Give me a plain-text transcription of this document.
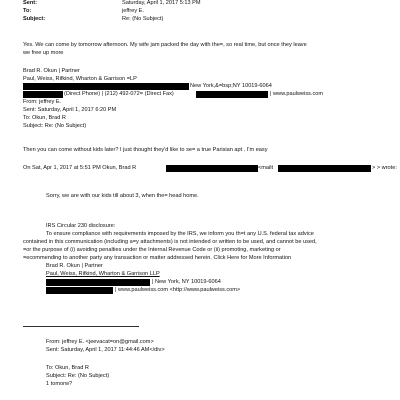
Sent:	Saturday, April 1, 2017 5:13 PM
To:	jeffrey E.
Subject:	Re: (No Subject)
Yes. We can come by tomorrow afternoon. My wife jam packed the day with the=, so real time, but once they leave
we free up more
Brad R. Okun | Partner
Paul, Weiss, Rifkind, Wharton & Garrison =LP
New York,&=bsp;NY 10019-6064
(Direct Phone) | (212) 492-072= (Direct Fax)	| www.paulweiss.com
From: jeffrey E.
Sent: Saturday, April 1, 2017 6:20 PM
To: Okun, Brad R
Subject: Re: (No Subject)
Then you can come without kids later? I just thought they'd like to se= a true Parisian apt . I'm easy
On Sat, Apr 1, 2017 at 5:51 PM Okun, Brad R	<mailt	> > wrote:
Sorry, we are with our kids till about 3, when the= head home.
IRS Circular 230 disclosure:
To ensure compliance with requirements imposed by the IRS, we inform you th=t any U.S. federal tax advice
contained in this communication (including a=y attachments) is not intended or written to be used, and cannot be used,
=or the purpose of (i) avoiding penalties under the Internal Revenue Code or (ii) promoting, marketing or
=ecommending to another party any transaction or matter addressed herein. Click Here for More Information
Brad R. Okun | Partner
Paul, Weiss, Rifkind, Wharton & Garrison LLP
| New York, NY 10019-6064
| www.paulweiss.com <http://www.paulweiss.com>
From: jeffrey E. <jeevacat=on@gmail.com>
Sent: Saturday, April 1, 2017 11:44:46 AM</div>
To: Okun, Brad R
Subject: Re: (No Subject)
1 tomorw?
